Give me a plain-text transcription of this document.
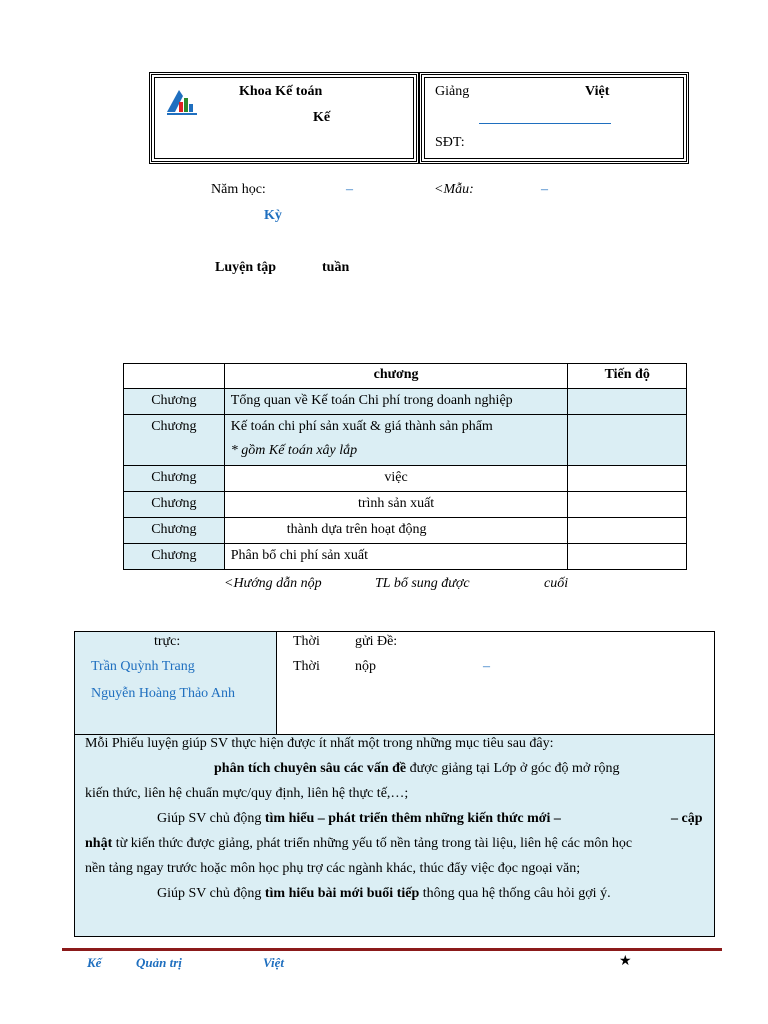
Khoa Kế toán
Kế
Giảng	Việt
SĐT:
Năm học:	–	<Mẫu:	–
Kỳ
Luyện tập	tuần
	chương	Tiến độ
Chương	Tổng quan về Kế toán Chi phí trong doanh nghiệp	
Chương	Kế toán chi phí sản xuất & giá thành sản phẩm
* gồm Kế toán xây lắp	

Chương	việc	
Chương	trình sản xuất	
Chương	thành dựa trên hoạt động	
Chương	Phân bổ chi phí sản xuất	
<Hướng dẫn nộp	TL bổ sung được	cuối
trực:
Trần Quỳnh Trang
Nguyễn Hoàng Thảo Anh
Thời	gửi Đề:
Thời	nộp	–
Mỗi Phiếu luyện giúp SV thực hiện được ít nhất một trong những mục tiêu sau đây:
phân tích chuyên sâu các vấn đề được giảng tại Lớp ở góc độ mở rộng
kiến thức, liên hệ chuẩn mực/quy định, liên hệ thực tế,…;
Giúp SV chủ động tìm hiểu – phát triển thêm những kiến thức mới –	– cập
nhật từ kiến thức được giảng, phát triển những yếu tố nền tảng trong tài liệu, liên hệ các môn học
nền tảng ngay trước hoặc môn học phụ trợ các ngành khác, thúc đẩy việc đọc ngoại văn;
Giúp SV chủ động tìm hiểu bài mới buổi tiếp thông qua hệ thống câu hỏi gợi ý.
Kế	Quản trị	Việt	★
